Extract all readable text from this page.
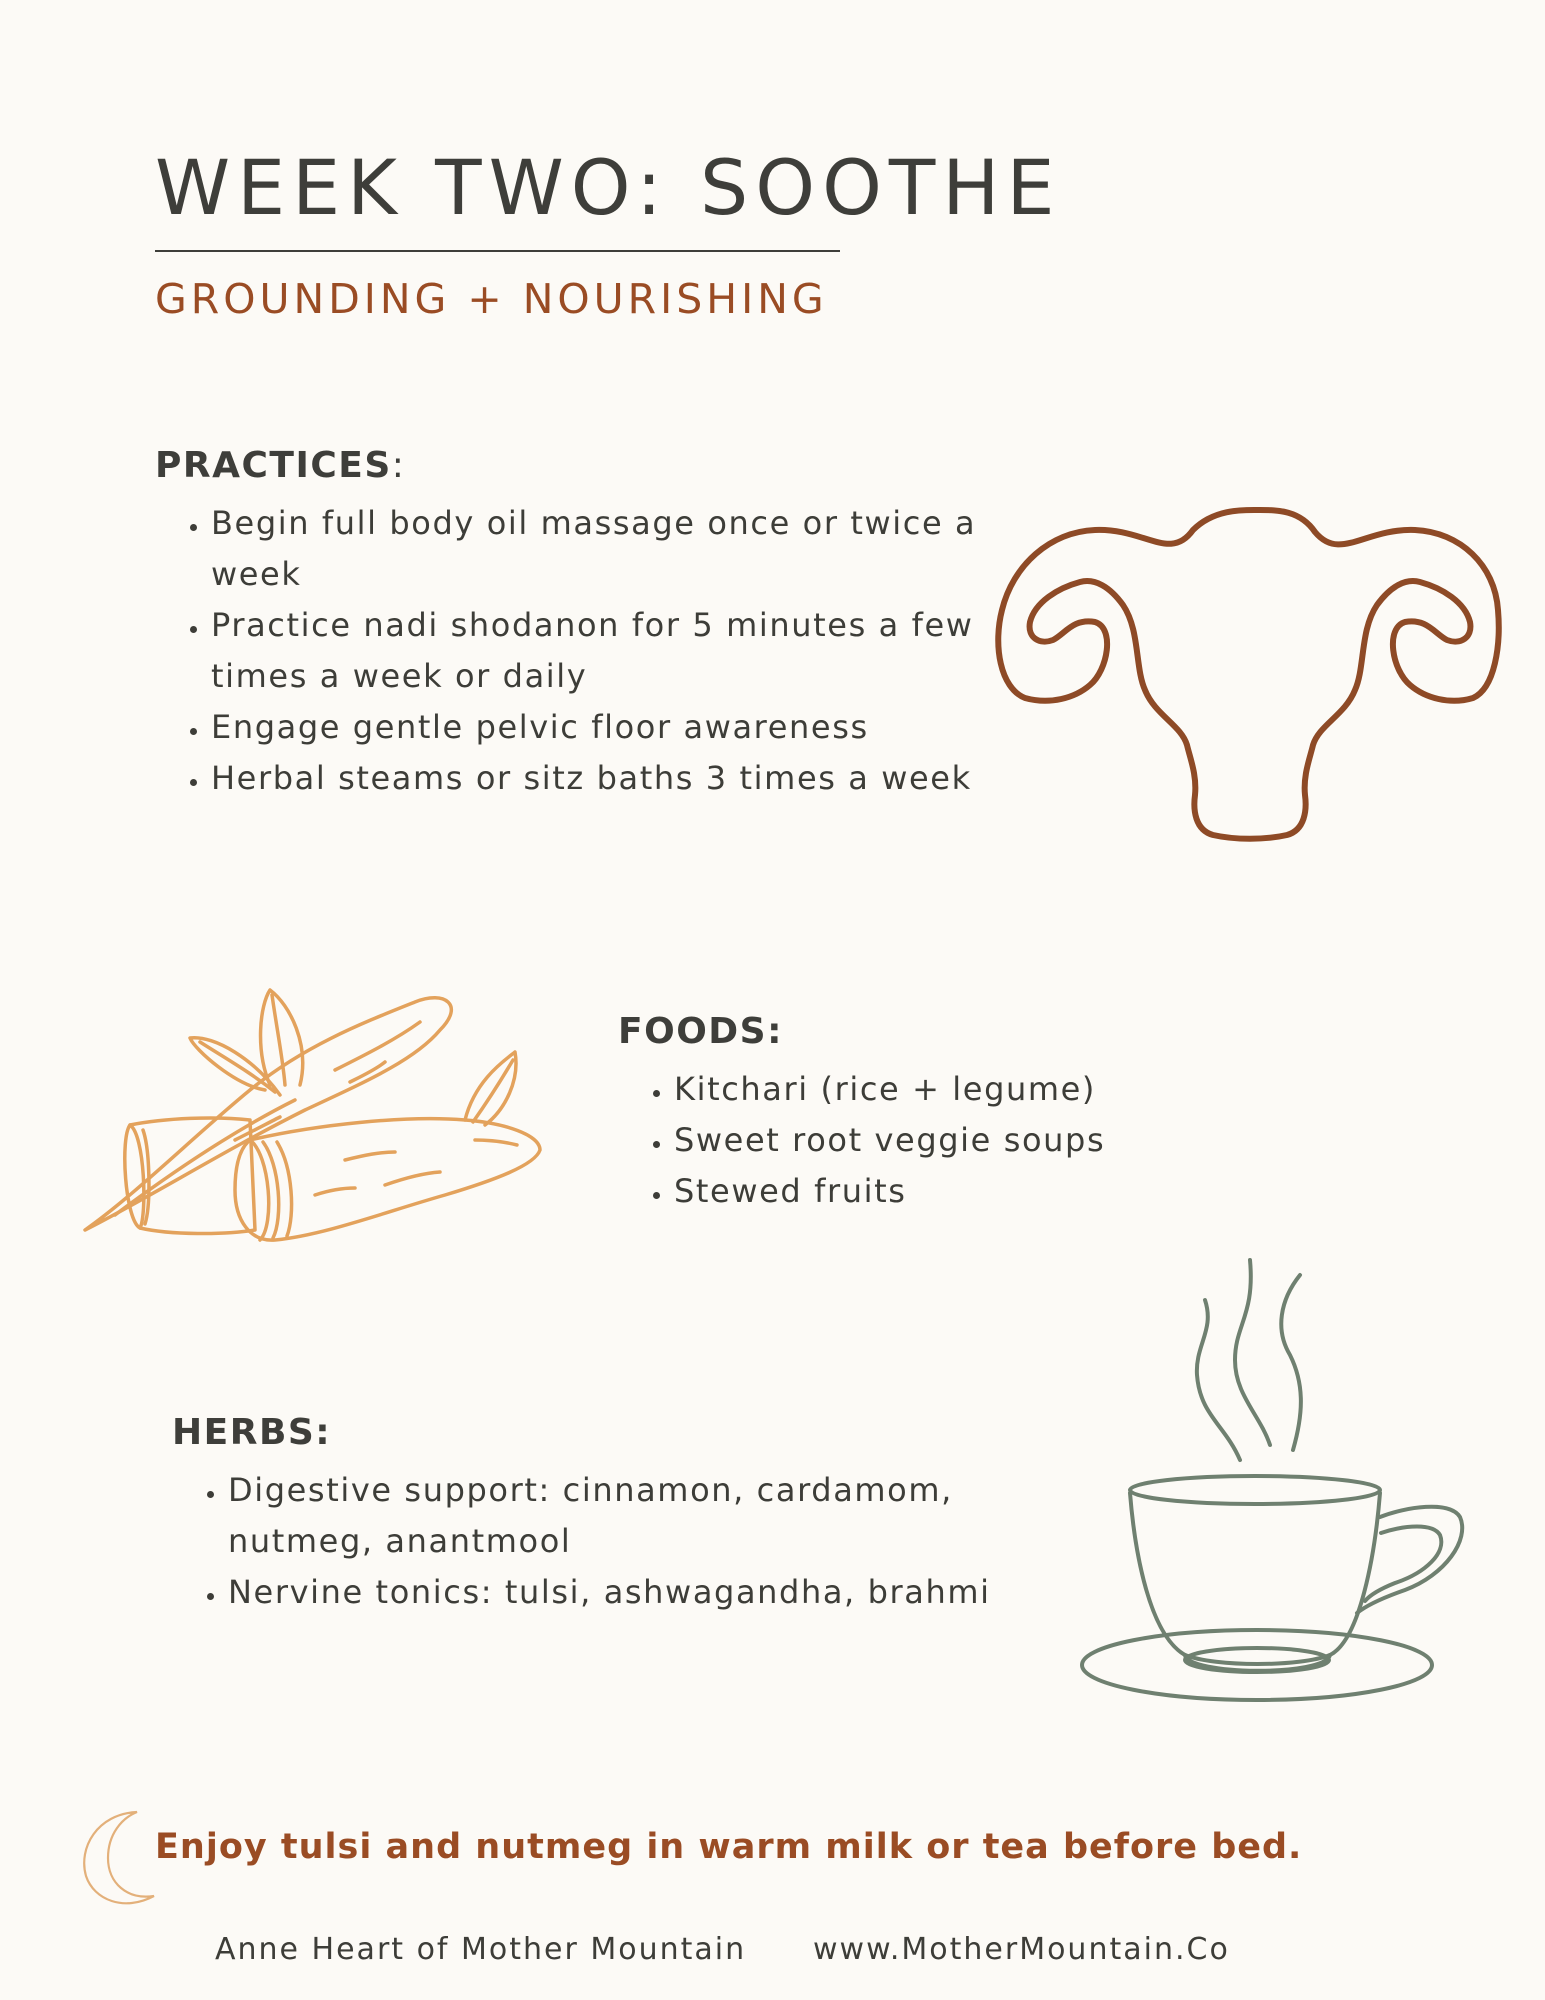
WEEK TWO: SOOTHE
GROUNDING + NOURISHING
PRACTICES:
• Begin full body oil massage once or twice a week
• Practice nadi shodanon for 5 minutes a few times a week or daily
• Engage gentle pelvic floor awareness
• Herbal steams or sitz baths 3 times a week
FOODS:
• Kitchari (rice + legume)
• Sweet root veggie soups
• Stewed fruits
HERBS:
• Digestive support: cinnamon, cardamom, nutmeg, anantmool
• Nervine tonics: tulsi, ashwagandha, brahmi
Enjoy tulsi and nutmeg in warm milk or tea before bed.
Anne Heart of Mother Mountain www.MotherMountain.Co
